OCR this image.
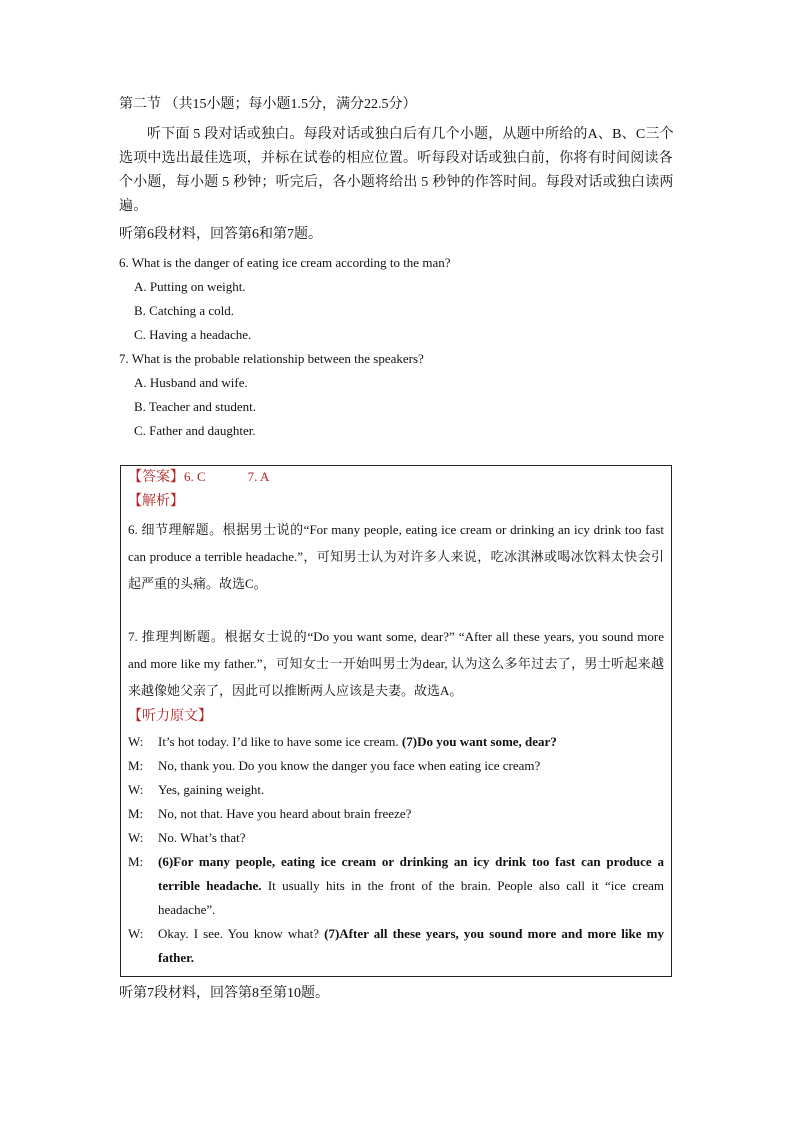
第二节 （共15小题；每小题1.5分，满分22.5分）
听下面 5 段对话或独白。每段对话或独白后有几个小题，从题中所给的A、B、C三个选项中选出最佳选项，并标在试卷的相应位置。听每段对话或独白前，你将有时间阅读各个小题，每小题 5 秒钟；听完后，各小题将给出 5 秒钟的作答时间。每段对话或独白读两遍。
听第6段材料，回答第6和第7题。
6. What is the danger of eating ice cream according to the man?
A. Putting on weight.
B. Catching a cold.
C. Having a headache.
7. What is the probable relationship between the speakers?
A. Husband and wife.
B. Teacher and student.
C. Father and daughter.
【答案】6. C	7. A
【解析】
6. 细节理解题。根据男士说的“For many people, eating ice cream or drinking an icy drink too fast can produce a terrible headache.”，可知男士认为对许多人来说，吃冰淇淋或喝冰饮料太快会引起严重的头痛。故选C。
7. 推理判断题。根据女士说的“Do you want some, dear?” “After all these years, you sound more and more like my father.”，可知女士一开始叫男士为dear, 认为这么多年过去了，男士听起来越来越像她父亲了，因此可以推断两人应该是夫妻。故选A。
【听力原文】
W:	It’s hot today. I’d like to have some ice cream. (7)Do you want some, dear?
M:	No, thank you. Do you know the danger you face when eating ice cream?
W:	Yes, gaining weight.
M:	No, not that. Have you heard about brain freeze?
W:	No. What’s that?
M:	(6)For many people, eating ice cream or drinking an icy drink too fast can produce a terrible headache. It usually hits in the front of the brain. People also call it “ice cream headache”.
W:	Okay. I see. You know what? (7)After all these years, you sound more and more like my father.
听第7段材料，回答第8至第10题。
